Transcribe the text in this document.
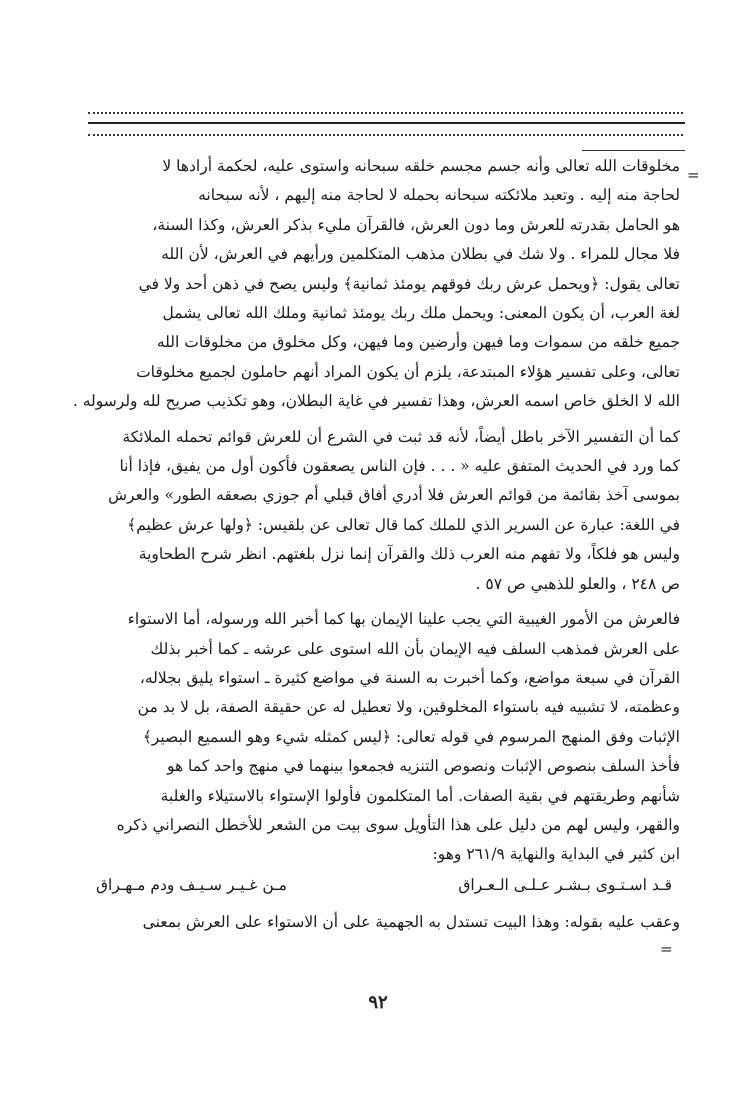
=

مخلوقات الله تعالى وأنه جسم مجسم خلقه سبحانه واستوى عليه، لحكمة أرادها لا
لحاجة منه إليه . وتعبد ملائكته سبحانه بحمله لا لحاجة منه إليهم ، لأنه سبحانه
هو الحامل بقدرته للعرش وما دون العرش، فالقرآن مليء بذكر العرش، وكذا السنة،
فلا مجال للمراء . ولا شك في بطلان مذهب المتكلمين ورأيهم في العرش، لأن الله
تعالى يقول: ﴿ويحمل عرش ربك فوقهم يومئذ ثمانية﴾ وليس يصح في ذهن أحد ولا في
لغة العرب، أن يكون المعنى: ويحمل ملك ربك يومئذ ثمانية وملك الله تعالى يشمل
جميع خلقه من سموات وما فيهن وأرضين وما فيهن، وكل مخلوق من مخلوقات الله
تعالى، وعلى تفسير هؤلاء المبتدعة، يلزم أن يكون المراد أنهم حاملون لجميع مخلوقات
الله لا الخلق خاص اسمه العرش، وهذا تفسير في غاية البطلان، وهو تكذيب صريح لله ولرسوله .

كما أن التفسير الآخر باطل أيضاً، لأنه قد ثبت في الشرع أن للعرش قوائم تحمله الملائكة
كما ورد في الحديث المتفق عليه « . . . فإن الناس يصعقون فأكون أول من يفيق، فإذا أنا
بموسى آخذ بقائمة من قوائم العرش فلا أدري أفاق قبلي أم جوزي بصعقه الطور» والعرش
في اللغة: عبارة عن السرير الذي للملك كما قال تعالى عن بلقيس: ﴿ولها عرش عظيم﴾
وليس هو فلكاً، ولا تفهم منه العرب ذلك والقرآن إنما نزل بلغتهم. انظر شرح الطحاوية
ص ٢٤٨ ، والعلو للذهبي ص ٥٧ .

فالعرش من الأمور الغيبية التي يجب علينا الإيمان بها كما أخبر الله ورسوله، أما الاستواء
على العرش فمذهب السلف فيه الإيمان بأن الله استوى على عرشه ـ كما أخبر بذلك
القرآن في سبعة مواضع، وكما أخبرت به السنة في مواضع كثيرة ـ استواء يليق بجلاله،
وعظمته، لا تشبيه فيه باستواء المخلوقين، ولا تعطيل له عن حقيقة الصفة، بل لا بد من
الإثبات وفق المنهج المرسوم في قوله تعالى: ﴿ليس كمثله شيء وهو السميع البصير﴾
فأخذ السلف بنصوص الإثبات ونصوص التنزيه فجمعوا بينهما في منهج واحد كما هو
شأنهم وطريقتهم في بقية الصفات. أما المتكلمون فأولوا الإستواء بالاستيلاء والغلبة
والقهر، وليس لهم من دليل على هذا التأويل سوى بيت من الشعر للأخطل النصراني ذكره
ابن كثير في البداية والنهاية ٢٦١/٩ وهو:

قـد اسـتـوى بـشـر عـلـى الـعـراق
مـن غـيـر سـيـف ودم مـهـراق

وعقب عليه بقوله: وهذا البيت تستدل به الجهمية على أن الاستواء على العرش بمعنى

=
٩٢
